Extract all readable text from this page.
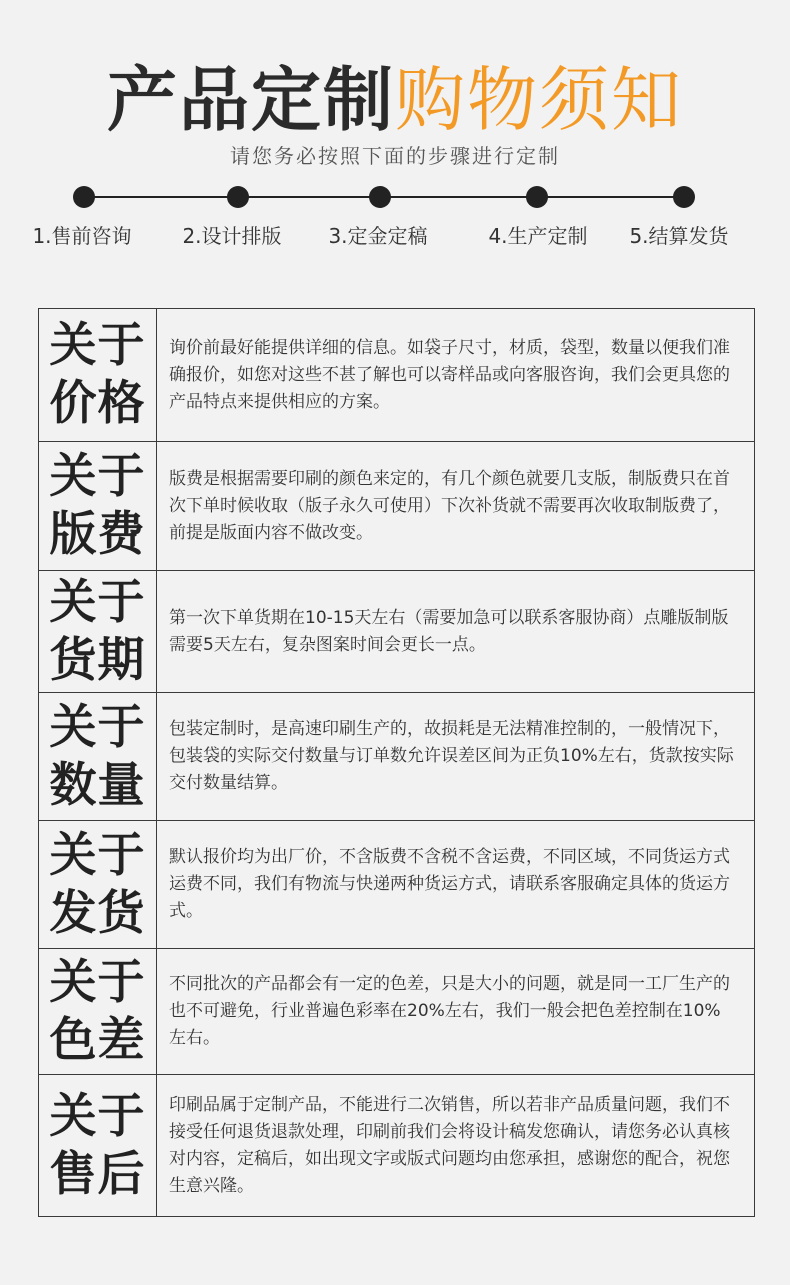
产品定制购物须知
请您务必按照下面的步骤进行定制
1.售前咨询	2.设计排版 3.定金定稿	4.生产定制 5.结算发货
关于价格
询价前最好能提供详细的信息。如袋子尺寸，材质，袋型，数量以便我们准确报价，如您对这些不甚了解也可以寄样品或向客服咨询，我们会更具您的产品特点来提供相应的方案。
关于版费
版费是根据需要印刷的颜色来定的，有几个颜色就要几支版，制版费只在首次下单时候收取（版子永久可使用）下次补货就不需要再次收取制版费了，前提是版面内容不做改变。
关于货期
第一次下单货期在10-15天左右（需要加急可以联系客服协商）点雕版制版需要5天左右，复杂图案时间会更长一点。
关于数量
包装定制时，是高速印刷生产的，故损耗是无法精准控制的，一般情况下，包装袋的实际交付数量与订单数允许误差区间为正负10%左右，货款按实际交付数量结算。
关于发货
默认报价均为出厂价，不含版费不含税不含运费，不同区域，不同货运方式运费不同，我们有物流与快递两种货运方式，请联系客服确定具体的货运方式。
关于色差
不同批次的产品都会有一定的色差，只是大小的问题，就是同一工厂生产的也不可避免，行业普遍色彩率在20%左右，我们一般会把色差控制在10%左右。
关于售后
印刷品属于定制产品，不能进行二次销售，所以若非产品质量问题，我们不接受任何退货退款处理，印刷前我们会将设计稿发您确认，请您务必认真核对内容，定稿后，如出现文字或版式问题均由您承担，感谢您的配合，祝您生意兴隆。
